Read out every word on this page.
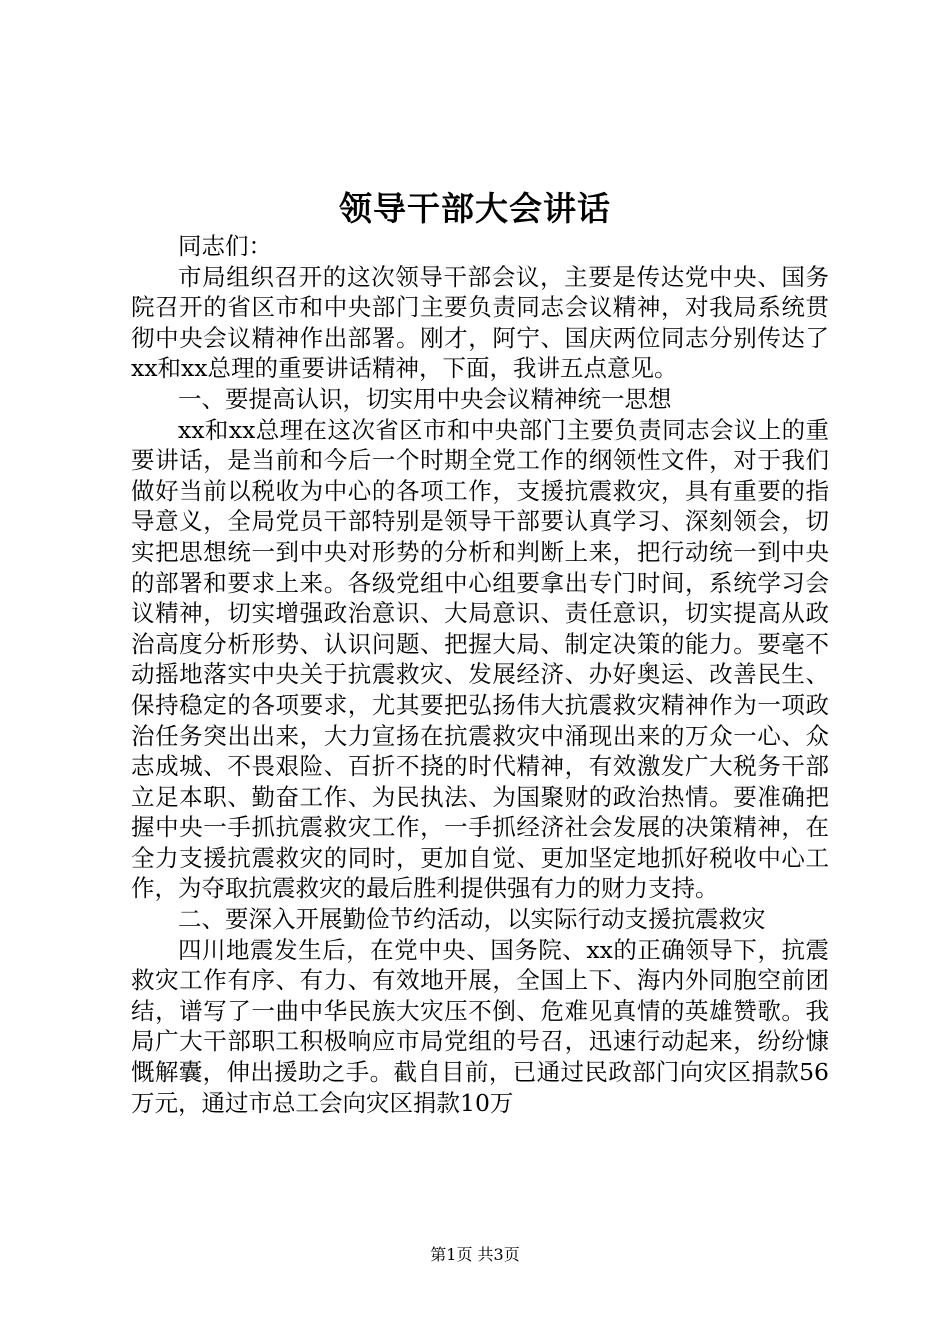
领导干部大会讲话

同志们：

市局组织召开的这次领导干部会议，主要是传达党中央、国务院召开的省区市和中央部门主要负责同志会议精神，对我局系统贯彻中央会议精神作出部署。刚才，阿宁、国庆两位同志分别传达了xx和xx总理的重要讲话精神，下面，我讲五点意见。

一、要提高认识，切实用中央会议精神统一思想

xx和xx总理在这次省区市和中央部门主要负责同志会议上的重要讲话，是当前和今后一个时期全党工作的纲领性文件，对于我们做好当前以税收为中心的各项工作，支援抗震救灾，具有重要的指导意义，全局党员干部特别是领导干部要认真学习、深刻领会，切实把思想统一到中央对形势的分析和判断上来，把行动统一到中央的部署和要求上来。各级党组中心组要拿出专门时间，系统学习会议精神，切实增强政治意识、大局意识、责任意识，切实提高从政治高度分析形势、认识问题、把握大局、制定决策的能力。要毫不动摇地落实中央关于抗震救灾、发展经济、办好奥运、改善民生、保持稳定的各项要求，尤其要把弘扬伟大抗震救灾精神作为一项政治任务突出出来，大力宣扬在抗震救灾中涌现出来的万众一心、众志成城、不畏艰险、百折不挠的时代精神，有效激发广大税务干部立足本职、勤奋工作、为民执法、为国聚财的政治热情。要准确把握中央一手抓抗震救灾工作，一手抓经济社会发展的决策精神，在全力支援抗震救灾的同时，更加自觉、更加坚定地抓好税收中心工作，为夺取抗震救灾的最后胜利提供强有力的财力支持。

二、要深入开展勤俭节约活动，以实际行动支援抗震救灾

四川地震发生后，在党中央、国务院、xx的正确领导下，抗震救灾工作有序、有力、有效地开展，全国上下、海内外同胞空前团结，谱写了一曲中华民族大灾压不倒、危难见真情的英雄赞歌。我局广大干部职工积极响应市局党组的号召，迅速行动起来，纷纷慷慨解囊，伸出援助之手。截自目前，已通过民政部门向灾区捐款56万元，通过市总工会向灾区捐款10万

第1页 共3页
